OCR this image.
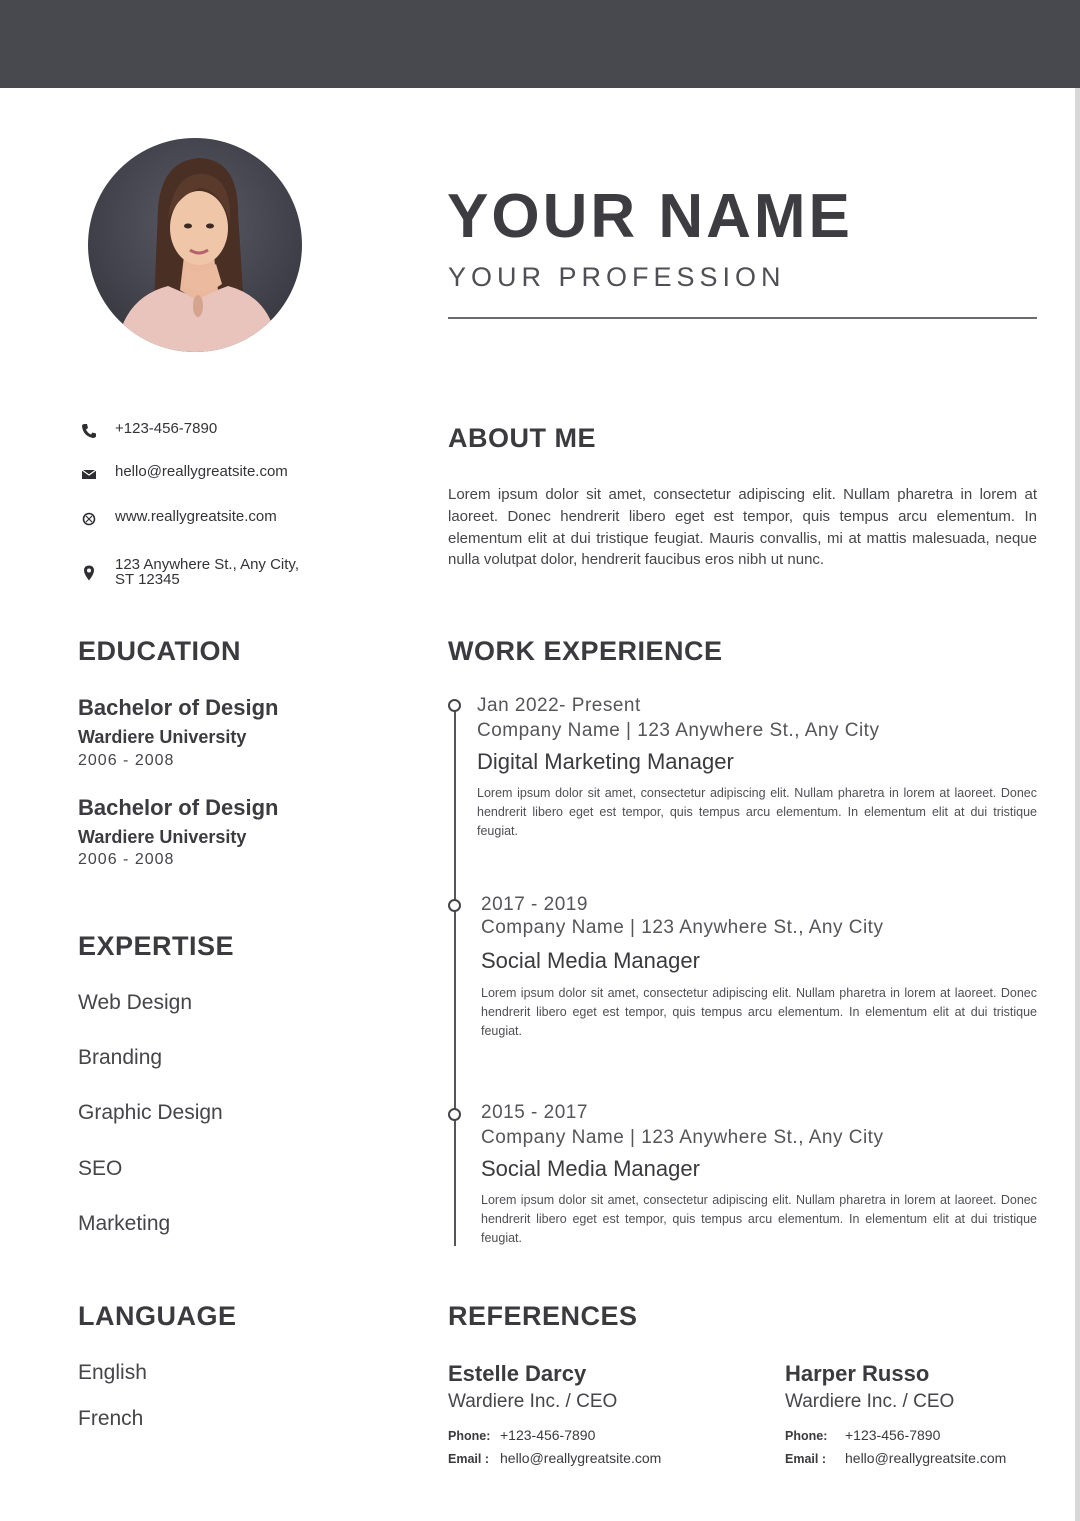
YOUR NAME
YOUR PROFESSION
+123-456-7890
hello@reallygreatsite.com
www.reallygreatsite.com
123 Anywhere St., Any City,
ST 12345
EDUCATION
Bachelor of Design
Wardiere University
2006 - 2008
Bachelor of Design
Wardiere University
2006 - 2008
EXPERTISE
Web Design
Branding
Graphic Design
SEO
Marketing
LANGUAGE
English
French
ABOUT ME
Lorem ipsum dolor sit amet, consectetur adipiscing elit. Nullam pharetra in lorem at laoreet. Donec hendrerit libero eget est tempor, quis tempus arcu elementum. In elementum elit at dui tristique feugiat. Mauris convallis, mi at mattis malesuada, neque nulla volutpat dolor, hendrerit faucibus eros nibh ut nunc.
WORK EXPERIENCE
Jan 2022- Present
Company Name | 123 Anywhere St., Any City
Digital Marketing Manager
Lorem ipsum dolor sit amet, consectetur adipiscing elit. Nullam pharetra in lorem at laoreet. Donec hendrerit libero eget est tempor, quis tempus arcu elementum. In elementum elit at dui tristique feugiat.
2017 - 2019
Company Name | 123 Anywhere St., Any City
Social Media Manager
Lorem ipsum dolor sit amet, consectetur adipiscing elit. Nullam pharetra in lorem at laoreet. Donec hendrerit libero eget est tempor, quis tempus arcu elementum. In elementum elit at dui tristique feugiat.
2015 - 2017
Company Name | 123 Anywhere St., Any City
Social Media Manager
Lorem ipsum dolor sit amet, consectetur adipiscing elit. Nullam pharetra in lorem at laoreet. Donec hendrerit libero eget est tempor, quis tempus arcu elementum. In elementum elit at dui tristique feugiat.
REFERENCES
Estelle Darcy
Wardiere Inc. / CEO
Phone: +123-456-7890
Email : hello@reallygreatsite.com
Harper Russo
Wardiere Inc. / CEO
Phone: +123-456-7890
Email : hello@reallygreatsite.com
